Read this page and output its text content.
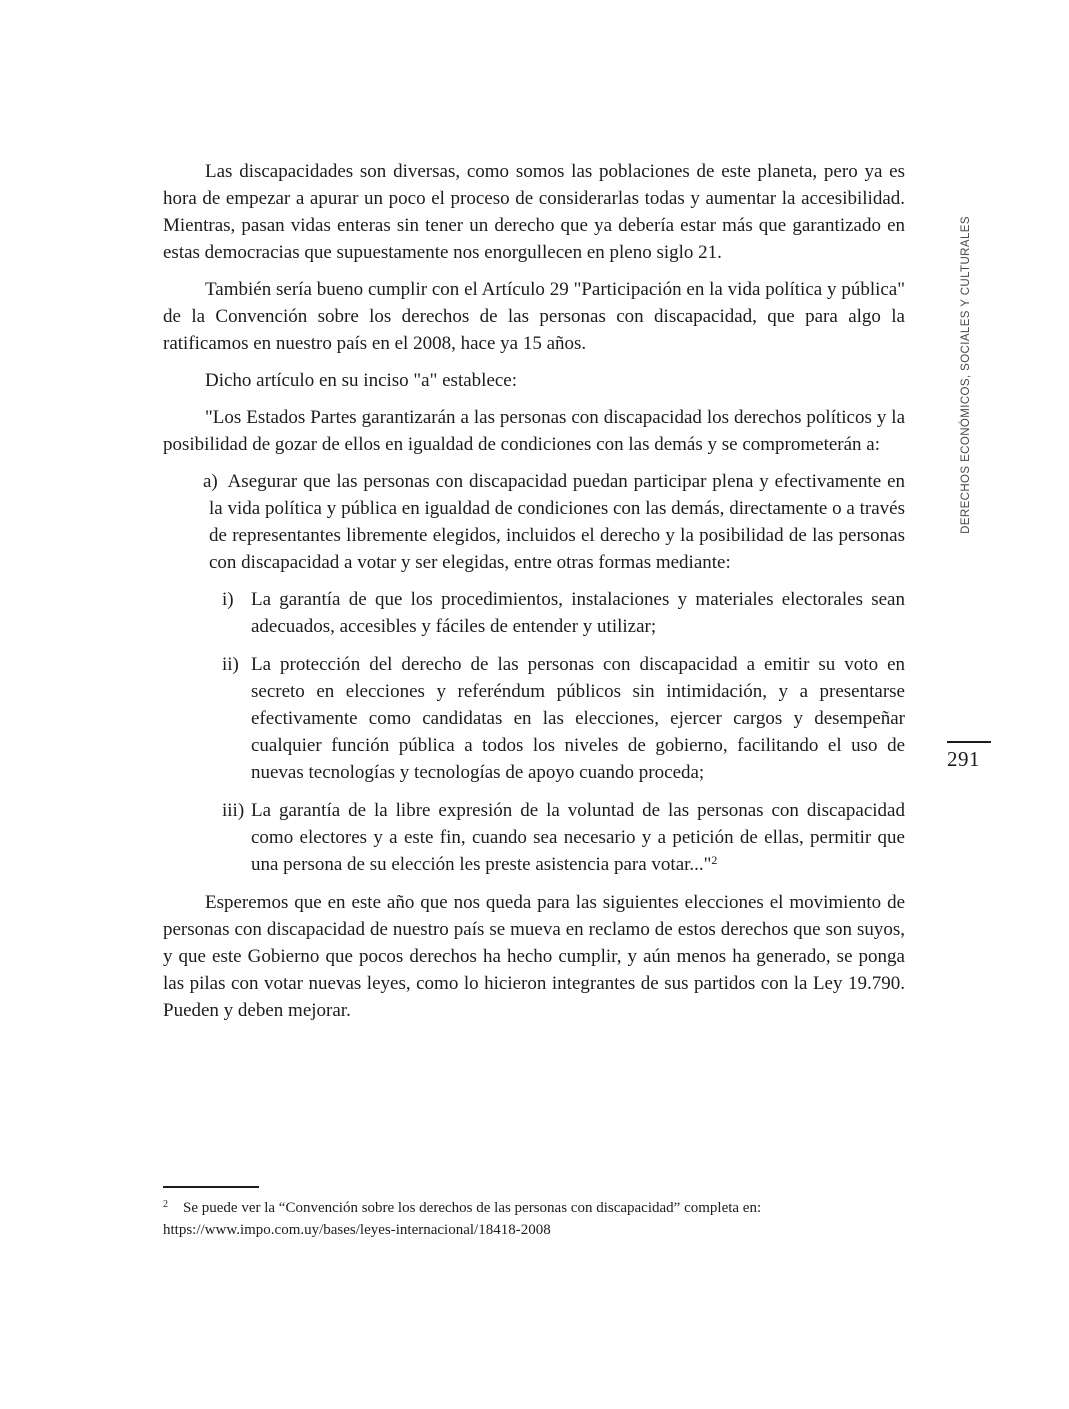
DERECHOS ECONÓMICOS, SOCIALES Y CULTURALES
291

Las discapacidades son diversas, como somos las poblaciones de este planeta, pero ya es hora de empezar a apurar un poco el proceso de considerarlas todas y aumentar la accesibilidad. Mientras, pasan vidas enteras sin tener un derecho que ya debería estar más que garantizado en estas democracias que supuestamente nos enorgullecen en pleno siglo 21.

También sería bueno cumplir con el Artículo 29 "Participación en la vida política y pública" de la Convención sobre los derechos de las personas con discapacidad, que para algo la ratificamos en nuestro país en el 2008, hace ya 15 años.

Dicho artículo en su inciso "a" establece:

"Los Estados Partes garantizarán a las personas con discapacidad los derechos políticos y la posibilidad de gozar de ellos en igualdad de condiciones con las demás y se comprometerán a:

a) Asegurar que las personas con discapacidad puedan participar plena y efectivamente en la vida política y pública en igualdad de condiciones con las demás, directamente o a través de representantes libremente elegidos, incluidos el derecho y la posibilidad de las personas con discapacidad a votar y ser elegidas, entre otras formas mediante:
i) La garantía de que los procedimientos, instalaciones y materiales electorales sean adecuados, accesibles y fáciles de entender y utilizar;
ii) La protección del derecho de las personas con discapacidad a emitir su voto en secreto en elecciones y referéndum públicos sin intimidación, y a presentarse efectivamente como candidatas en las elecciones, ejercer cargos y desempeñar cualquier función pública a todos los niveles de gobierno, facilitando el uso de nuevas tecnologías y tecnologías de apoyo cuando proceda;
iii) La garantía de la libre expresión de la voluntad de las personas con discapacidad como electores y a este fin, cuando sea necesario y a petición de ellas, permitir que una persona de su elección les preste asistencia para votar..."$^2$

Esperemos que en este año que nos queda para las siguientes elecciones el movimiento de personas con discapacidad de nuestro país se mueva en reclamo de estos derechos que son suyos, y que este Gobierno que pocos derechos ha hecho cumplir, y aún menos ha generado, se ponga las pilas con votar nuevas leyes, como lo hicieron integrantes de sus partidos con la Ley 19.790. Pueden y deben mejorar.

$^2$ Se puede ver la “Convención sobre los derechos de las personas con discapacidad” completa en: https://www.impo.com.uy/bases/leyes-internacional/18418-2008
